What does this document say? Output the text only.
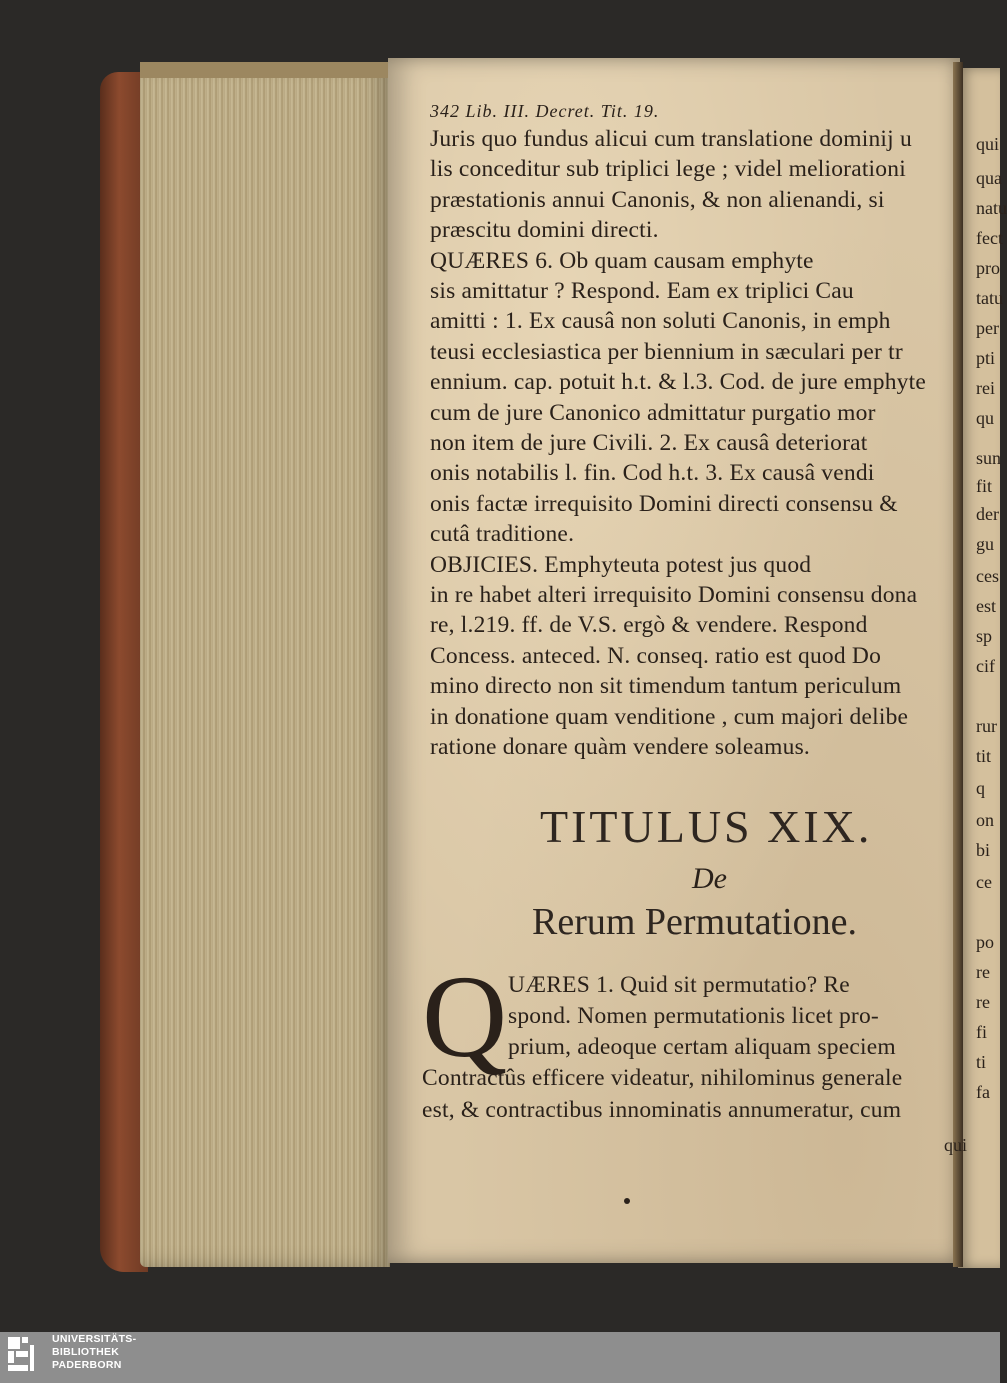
342 Lib. III. Decret. Tit. 19.
Juris quo fundus alicui cum translatione dominij u
lis conceditur sub triplici lege ; videl meliorationi
præstationis annui Canonis, & non alienandi, si
præscitu domini directi.
QUÆRES 6. Ob quam causam emphyte
sis amittatur ? Respond. Eam ex triplici Cau
amitti : 1. Ex causâ non soluti Canonis, in emph
teusi ecclesiastica per biennium in sæculari per tr
ennium. cap. potuit h.t. & l.3. Cod. de jure emphyte
cum de jure Canonico admittatur purgatio mor
non item de jure Civili. 2. Ex causâ deteriorat
onis notabilis l. fin. Cod h.t. 3. Ex causâ vendi
onis factæ irrequisito Domini directi consensu &
cutâ traditione.
OBJICIES. Emphyteuta potest jus quod
in re habet alteri irrequisito Domini consensu dona
re, l.219. ff. de V.S. ergò & vendere. Respond
Concess. anteced. N. conseq. ratio est quod Do
mino directo non sit timendum tantum periculum
in donatione quam venditione , cum majori delibe
ratione donare quàm vendere soleamus.
TITULUS XIX.
De
Rerum Permutatione.
Q UÆRES 1. Quid sit permutatio? Re
spond. Nomen permutationis licet pro-
prium, adeoque certam aliquam speciem
Contractûs efficere videatur, nihilominus generale
est, & contractibus innominatis annumeratur, cum
qui
qui
qua
natu
fect
pro
tatu
per
pti
rei
qu
sun
fit
der
gu
ces
est
sp
cif
rur
tit
q
on
bi
ce
po
re
re
fi
ti
fa
UNIVERSITÄTS-
BIBLIOTHEK
PADERBORN
